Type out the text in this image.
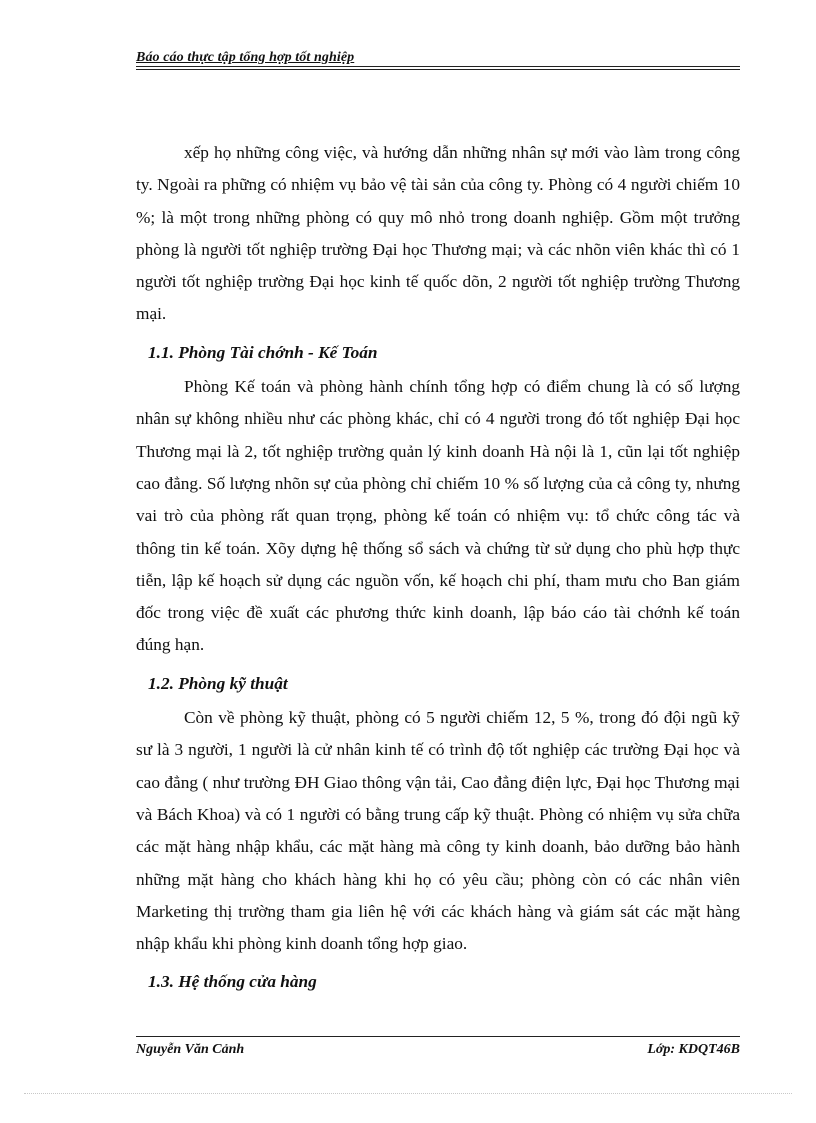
Báo cáo thực tập tổng hợp tốt nghiệp

xếp họ những công việc, và hướng dẫn những nhân sự mới vào làm trong công ty. Ngoài ra phững có nhiệm vụ bảo vệ tài sản của công ty. Phòng có 4 người chiếm 10 %; là một trong những phòng có quy mô nhỏ trong doanh nghiệp. Gồm một trưởng phòng là người tốt nghiệp trường Đại học Thương mại; và các nhõn viên khác thì có 1 người tốt nghiệp trường Đại học kinh tế quốc dõn, 2 người tốt nghiệp trường Thương mại.

1.1. Phòng Tài chớnh - Kế Toán

Phòng Kế toán và phòng hành chính tổng hợp có điểm chung là có số lượng nhân sự không nhiều như các phòng khác, chỉ có 4 người trong đó tốt nghiệp Đại học Thương mại là 2, tốt nghiệp trường quản lý kinh doanh Hà nội là 1, cũn lại tốt nghiệp cao đẳng. Số lượng nhõn sự của phòng chỉ chiếm 10 % số lượng của cả công ty, nhưng vai trò của phòng rất quan trọng, phòng kế toán có nhiệm vụ: tổ chức công tác và thông tin kế toán. Xõy dựng hệ thống sổ sách và chứng từ sử dụng cho phù hợp thực tiễn, lập kế hoạch sử dụng các nguồn vốn, kế hoạch chi phí, tham mưu cho Ban giám đốc trong việc đề xuất các phương thức kinh doanh, lập báo cáo tài chớnh kế toán đúng hạn.

1.2. Phòng kỹ thuật

Còn về phòng kỹ thuật, phòng có 5 người chiếm 12, 5 %, trong đó đội ngũ kỹ sư là 3 người, 1 người là cử nhân kinh tế có trình độ tốt nghiệp các trường Đại học và cao đẳng ( như trường ĐH Giao thông vận tải, Cao đẳng điện lực, Đại học Thương mại và Bách Khoa) và có 1 người có bằng trung cấp kỹ thuật. Phòng có nhiệm vụ sửa chữa các mặt hàng nhập khẩu, các mặt hàng mà công ty kinh doanh, bảo dưỡng bảo hành những mặt hàng cho khách hàng khi họ có yêu cầu; phòng còn có các nhân viên Marketing thị trường tham gia liên hệ với các khách hàng và giám sát các mặt hàng nhập khẩu khi phòng kinh doanh tổng hợp giao.

1.3. Hệ thống cửa hàng
Nguyễn Văn Cảnh	Lớp: KDQT46B
